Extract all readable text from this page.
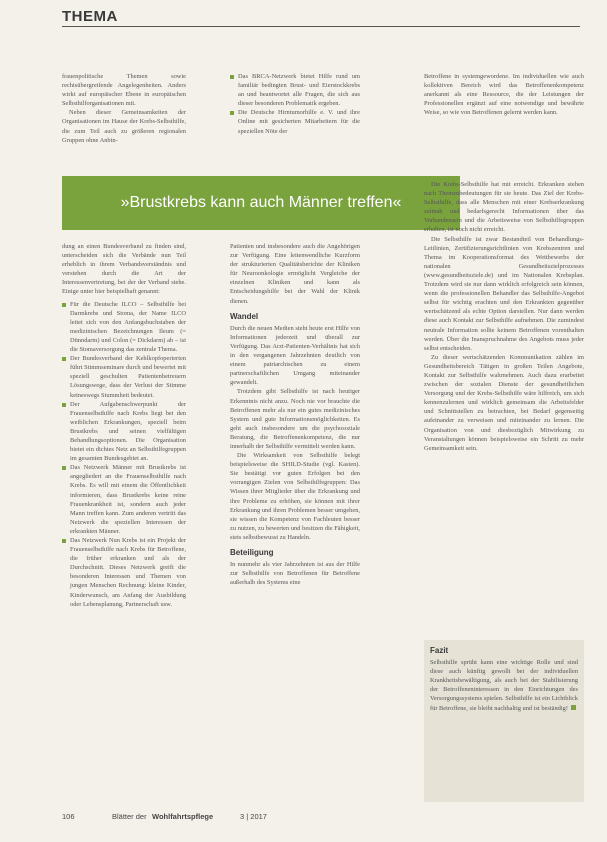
THEMA

frauenpolitische Themen sowie rechtsübergreifende Angelegenheiten. Anders wirkt auf europäischer Ebene in europäischen Selbsthilforganisationen mit.

Neben dieser Gemeinsamkeiten der Organisationen im Hause der Krebs-Selbsthilfe, die zum Teil auch zu größeren regionalen Gruppen ohne Anbin-

Das BRCA-Netzwerk bietet Hilfe rund um familiär bedingten Brust- und Eierstockkrebs an und beantwortet alle Fragen, die sich aus dieser besonderen Problematik ergeben.
Die Deutsche Hirntumorhilfe e. V. und ihre Online mit gesicherten Mitarbeitern für die speziellen Nöte der

Betroffene in systemgewordene. Im individuellen wie auch kollektiven Bereich wird das Betroffenenkompetenz anerkannt als eine Ressource, die der Leistungen der Professionellen ergänzt auf eine notwendige und bewährte Weise, so wie von Betroffenen gelernt werden kann.

»Brustkrebs kann auch Männer treffen«

Die Krebs-Selbsthilfe hat mit erreicht. Erkranken stehen nach Themenbedeutungen für sie heute. Das Ziel der Krebs-Selbsthilfe, dass alle Menschen mit einer Krebserkrankung zeitnah und bedarfsgerecht Informationen über das Vorhandensein und die Arbeitsweise von Selbsthilfegruppen erhalten, ist noch nicht erreicht.

Die Selbsthilfe ist zwar Bestandteil von Behandlungs-Leitlinien, Zertifizierungsrichtlinien von Krebszentren und Thema im Kooperationsformat des Wettbewerbs der nationalen Gesundheitszielprozesses (www.gesundheitsziele.de) und im Nationalen Krebsplan. Trotzdem wird sie nur dann wirklich erfolgreich sein können, wenn die professionellen Behandler das Selbsthilfe-Angebot selbst für wichtig erachten und den Erkrankten gegenüber wertschätzend als echte Option darstellen. Nur dann werden diese auch Kontakt zur Selbsthilfe aufnehmen. Die zumindest neutrale Information sollte keinem Betroffenen vorenthalten werden. Über die Inanspruchnahme des Angebots muss jeder selbst entscheiden.

Zu dieser wertschätzenden Kommunikation zählen im Gesundheitsbereich Tätigen in großen Teilen Angebote, Kontakt zur Selbsthilfe wahrnehmen. Auch dazu erarbeitet zwischen der sozialen Dienste der gesundheitlichen Versorgung und der Krebs-Selbsthilfe wäre hilfreich, um sich kennenzulernen und wirklich gemeinsam die Arbeitsfelder und Schnittstellen zu betrachten, bei Bedarf gegenseitig aufeinander zu verweisen und miteinander zu lernen. Die Organisation von und diesbezüglich Mitwirkung zu Veranstaltungen können beispielsweise ein Schritt zu mehr Gemeinsamkeit sein.

dung an einen Bundesverband zu finden sind, unterscheiden sich die Verbände nun Teil erheblich in ihrem Verbandsverständnis und verstehen durch die Art der Interessenvertretung, bei der der Verband stehe. Einige unter hier beispielhaft genannt:

Für die Deutsche ILCO – Selbsthilfe bei Darmkrebs und Stoma, der Name ILCO leitet sich von den Anfangsbuchstaben der medizinischen Bezeichnungen Ileum (= Dünndarm) und Colon (= Dickdarm) ab – ist die Stomaversorgung das zentrale Thema.
Der Bundesverband der Kehlkopfoperierten führt Stimmseminare durch und bewertet mit speziell geschulten Patientenbetreuern Lösungswege, dass der Verlust der Stimme keineswegs Stummheit bedeutet.
Der Aufgabenschwerpunkt der Frauenselbsthilfe nach Krebs liegt bei den weiblichen Erkrankungen, speziell beim Brustkrebs und seinen vielfältigen Behandlungsoptionen. Die Organisation bietet ein dichtes Netz an Selbsthilfegruppen im gesamten Bundesgebiet an.
Das Netzwerk Männer mit Brustkrebs ist angegliedert an die Frauenselbsthilfe nach Krebs. Es will mit einem die Öffentlichkeit informieren, dass Brustkrebs keine reine Frauenkrankheit ist, sondern auch jeder Mann treffen kann. Zum anderen vertritt das Netzwerk die speziellen Interessen der erkrankten Männer.
Das Netzwerk Nun Krebs ist ein Projekt der Frauenselbsthilfe nach Krebs für Betroffene, die früher erkranken und als der Durchschnitt. Dieses Netzwerk greift die besonderen Interessen und Themen von jungen Menschen Rechnung: kleine Kinder, Kinderwunsch, am Anfang der Ausbildung oder Lebensplanung, Partnerschaft usw.

Patienten und insbesondere auch die Angehörigen zur Verfügung. Eine leitenwendliche Kurzform der strukturierten Qualitätsberichte der Kliniken für Neuroonkologie ermöglicht Vergleiche der einzelnen Kliniken und kann als Entscheidungshilfe bei der Wahl der Klinik dienen.

Wandel

Durch die neuen Medien steht heute erst Hilfe von Informationen jederzeit und überall zur Verfügung. Das Arzt-Patienten-Verhältnis hat sich in den vergangenen Jahrzehnten deutlich von einem patriarchischen zu einem partnerschaftlichen Umgang miteinander gewandelt.

Trotzdem gibt Selbsthilfe ist nach heutiger Erkenntnis nicht anzu. Noch nie vor brauchte die Betroffenen mehr als nur ein gutes medizinisches System und gute Informationsmöglichkeiten. Es geht auch insbesondere um die psychosoziale Beratung, die Betroffenenkompetenz, die nur innerhalb der Selbsthilfe vermittelt werden kann.

Die Wirksamkeit von Selbsthilfe belegt beispielsweise die SHILD-Studie (vgl. Kasten). Sie bestätigt vor guten Erfolgen bei den vorrangigen Zielen von Selbsthilfegruppen: Das Wissen ihrer Mitglieder über die Erkrankung und ihre Probleme zu erhöhen, sie können mit ihrer Erkrankung und ihren Problemen besser umgehen, sie wissen die Kompetenz von Fachleuten besser zu nutzen, zu bewerten und besitzen die Fähigkeit, stets selbstbewusst zu Handeln.

Beteiligung

In nunmehr als vier Jahrzehnten ist aus der Hilfe zur Selbsthilfe von Betroffenen für Betroffene außerhalb des Systems eine

Fazit

Selbsthilfe sprüht kann eine wichtige Rolle und sind diese auch künftig gewollt bei der individuellen Krankheitsbewältigung, als auch bei der Stabilisierung der Betroffeneninteressen in den Einrichtungen des Versorgungssystems spielen. Selbsthilfe ist ein Lichtblick für Betroffene, sie bleibt nachhaltig und ist beständig!

106	Blätter der Wohlfahrtspflege	3 | 2017
